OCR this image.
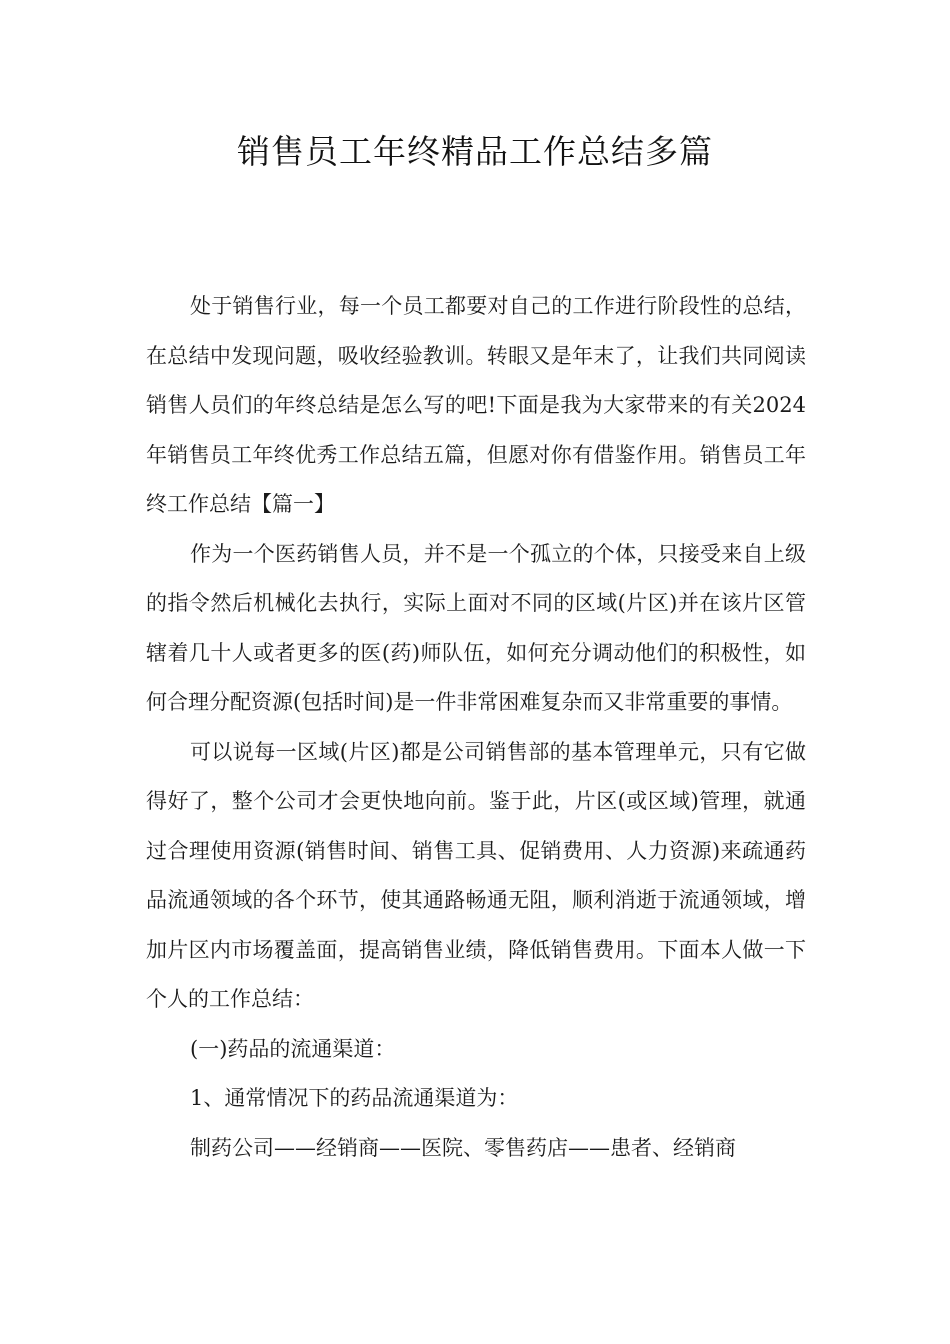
销售员工年终精品工作总结多篇

处于销售行业，每一个员工都要对自己的工作进行阶段性的总结，在总结中发现问题，吸收经验教训。转眼又是年末了，让我们共同阅读销售人员们的年终总结是怎么写的吧!下面是我为大家带来的有关2024年销售员工年终优秀工作总结五篇，但愿对你有借鉴作用。销售员工年终工作总结【篇一】

作为一个医药销售人员，并不是一个孤立的个体，只接受来自上级的指令然后机械化去执行，实际上面对不同的区域(片区)并在该片区管辖着几十人或者更多的医(药)师队伍，如何充分调动他们的积极性，如何合理分配资源(包括时间)是一件非常困难复杂而又非常重要的事情。

可以说每一区域(片区)都是公司销售部的基本管理单元，只有它做得好了，整个公司才会更快地向前。鉴于此，片区(或区域)管理，就通过合理使用资源(销售时间、销售工具、促销费用、人力资源)来疏通药品流通领域的各个环节，使其通路畅通无阻，顺利消逝于流通领域，增加片区内市场覆盖面，提高销售业绩，降低销售费用。下面本人做一下个人的工作总结：

(一)药品的流通渠道：

1、通常情况下的药品流通渠道为：

制药公司——经销商——医院、零售药店——患者、经销商
